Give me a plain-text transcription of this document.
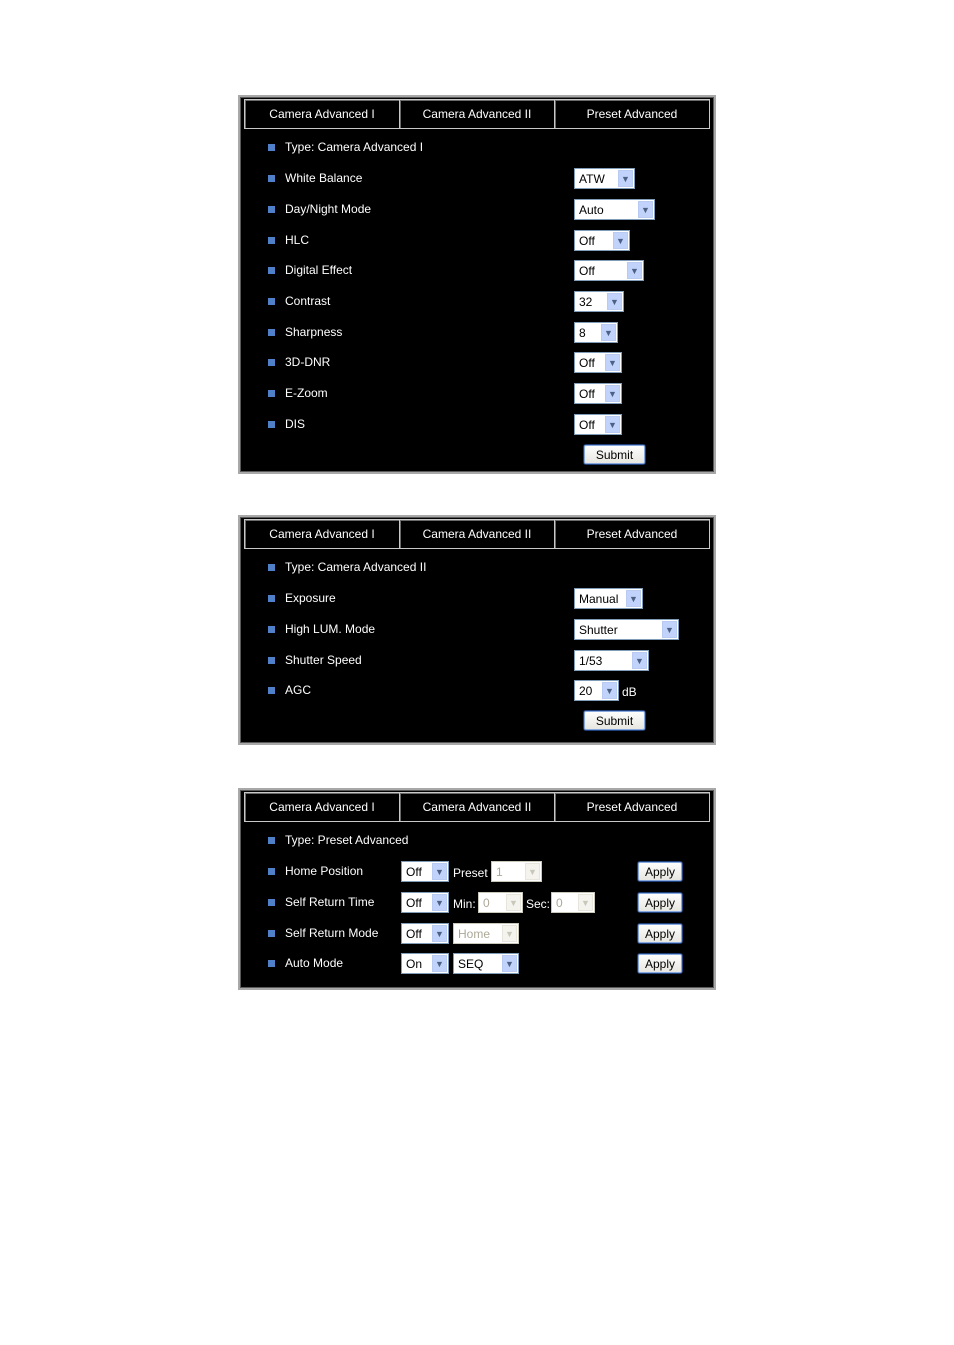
Camera Advanced I	Camera Advanced II	Preset Advanced
Type: Camera Advanced I
White Balance	ATW	▼
Day/Night Mode	Auto	▼
HLC	Off	▼
Digital Effect	Off	▼
Contrast	32	▼
Sharpness	8	▼
3D-DNR	Off	▼
E-Zoom	Off	▼
DIS	Off	▼
Submit
Camera Advanced I	Camera Advanced II	Preset Advanced
Type: Camera Advanced II
Exposure	Manual	▼
High LUM. Mode	Shutter	▼
Shutter Speed	1/53	▼
AGC	20	▼ dB
Submit
Camera Advanced I	Camera Advanced II	Preset Advanced
Type: Preset Advanced
Home Position	Off	▼ Preset 1	▼	Apply
Self Return Time	Off	▼ Min: 0	▼ Sec: 0	▼	Apply
Self Return Mode Off	▼ Home	▼	Apply
Auto Mode	On	▼ SEQ	▼	Apply
